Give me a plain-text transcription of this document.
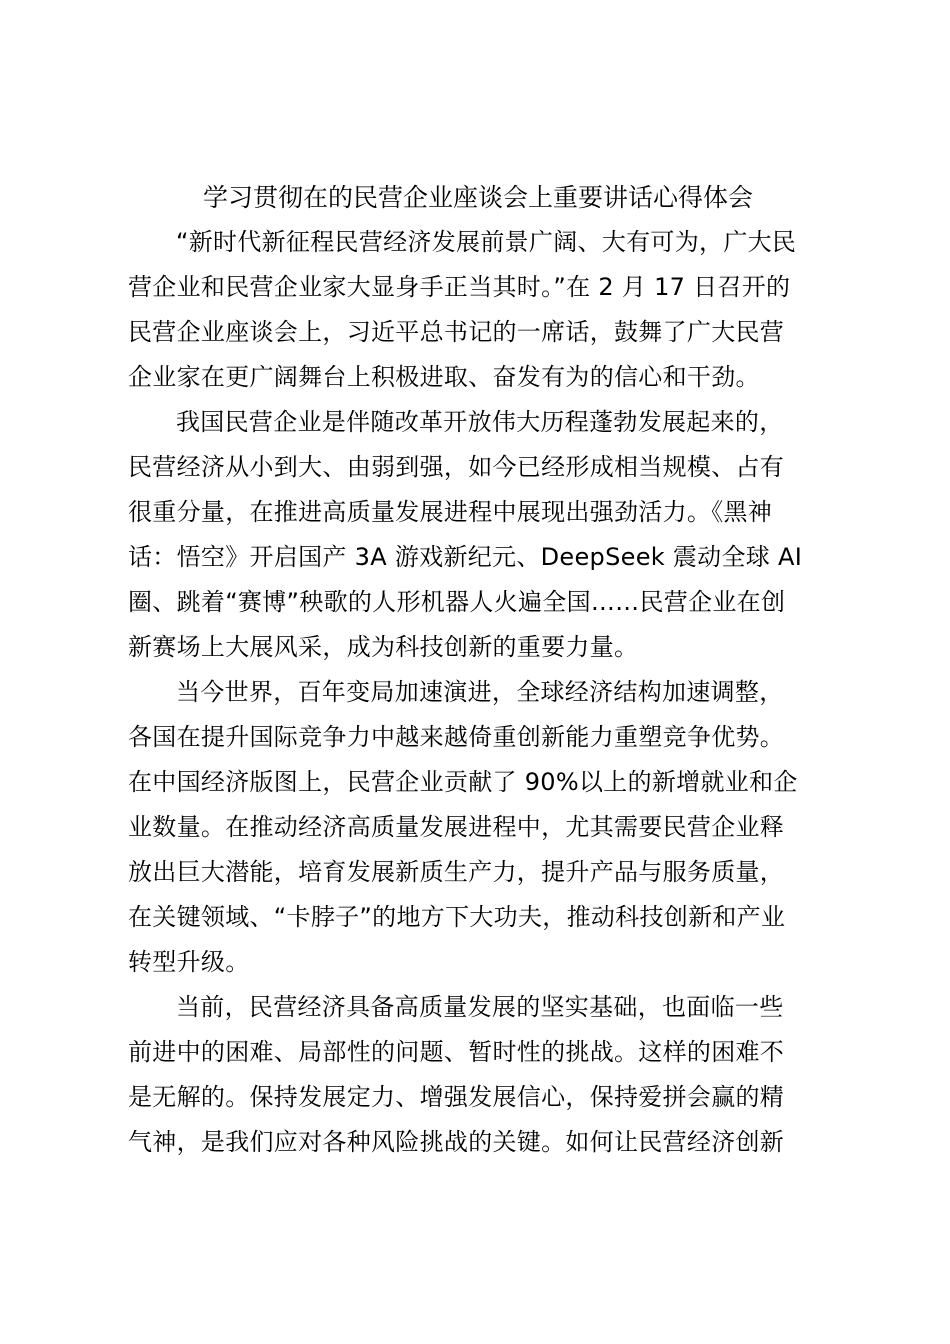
学习贯彻在的民营企业座谈会上重要讲话心得体会
“新时代新征程民营经济发展前景广阔、大有可为，广大民
营企业和民营企业家大显身手正当其时。”在 2 月 17 日召开的
民营企业座谈会上，习近平总书记的一席话，鼓舞了广大民营
企业家在更广阔舞台上积极进取、奋发有为的信心和干劲。
我国民营企业是伴随改革开放伟大历程蓬勃发展起来的，
民营经济从小到大、由弱到强，如今已经形成相当规模、占有
很重分量，在推进高质量发展进程中展现出强劲活力。《黑神
话：悟空》开启国产 3A 游戏新纪元、DeepSeek 震动全球 AI
圈、跳着“赛博”秧歌的人形机器人火遍全国……民营企业在创
新赛场上大展风采，成为科技创新的重要力量。
当今世界，百年变局加速演进，全球经济结构加速调整，
各国在提升国际竞争力中越来越倚重创新能力重塑竞争优势。
在中国经济版图上，民营企业贡献了 90%以上的新增就业和企
业数量。在推动经济高质量发展进程中，尤其需要民营企业释
放出巨大潜能，培育发展新质生产力，提升产品与服务质量，
在关键领域、“卡脖子”的地方下大功夫，推动科技创新和产业
转型升级。
当前，民营经济具备高质量发展的坚实基础，也面临一些
前进中的困难、局部性的问题、暂时性的挑战。这样的困难不
是无解的。保持发展定力、增强发展信心，保持爱拼会赢的精
气神，是我们应对各种风险挑战的关键。如何让民营经济创新
